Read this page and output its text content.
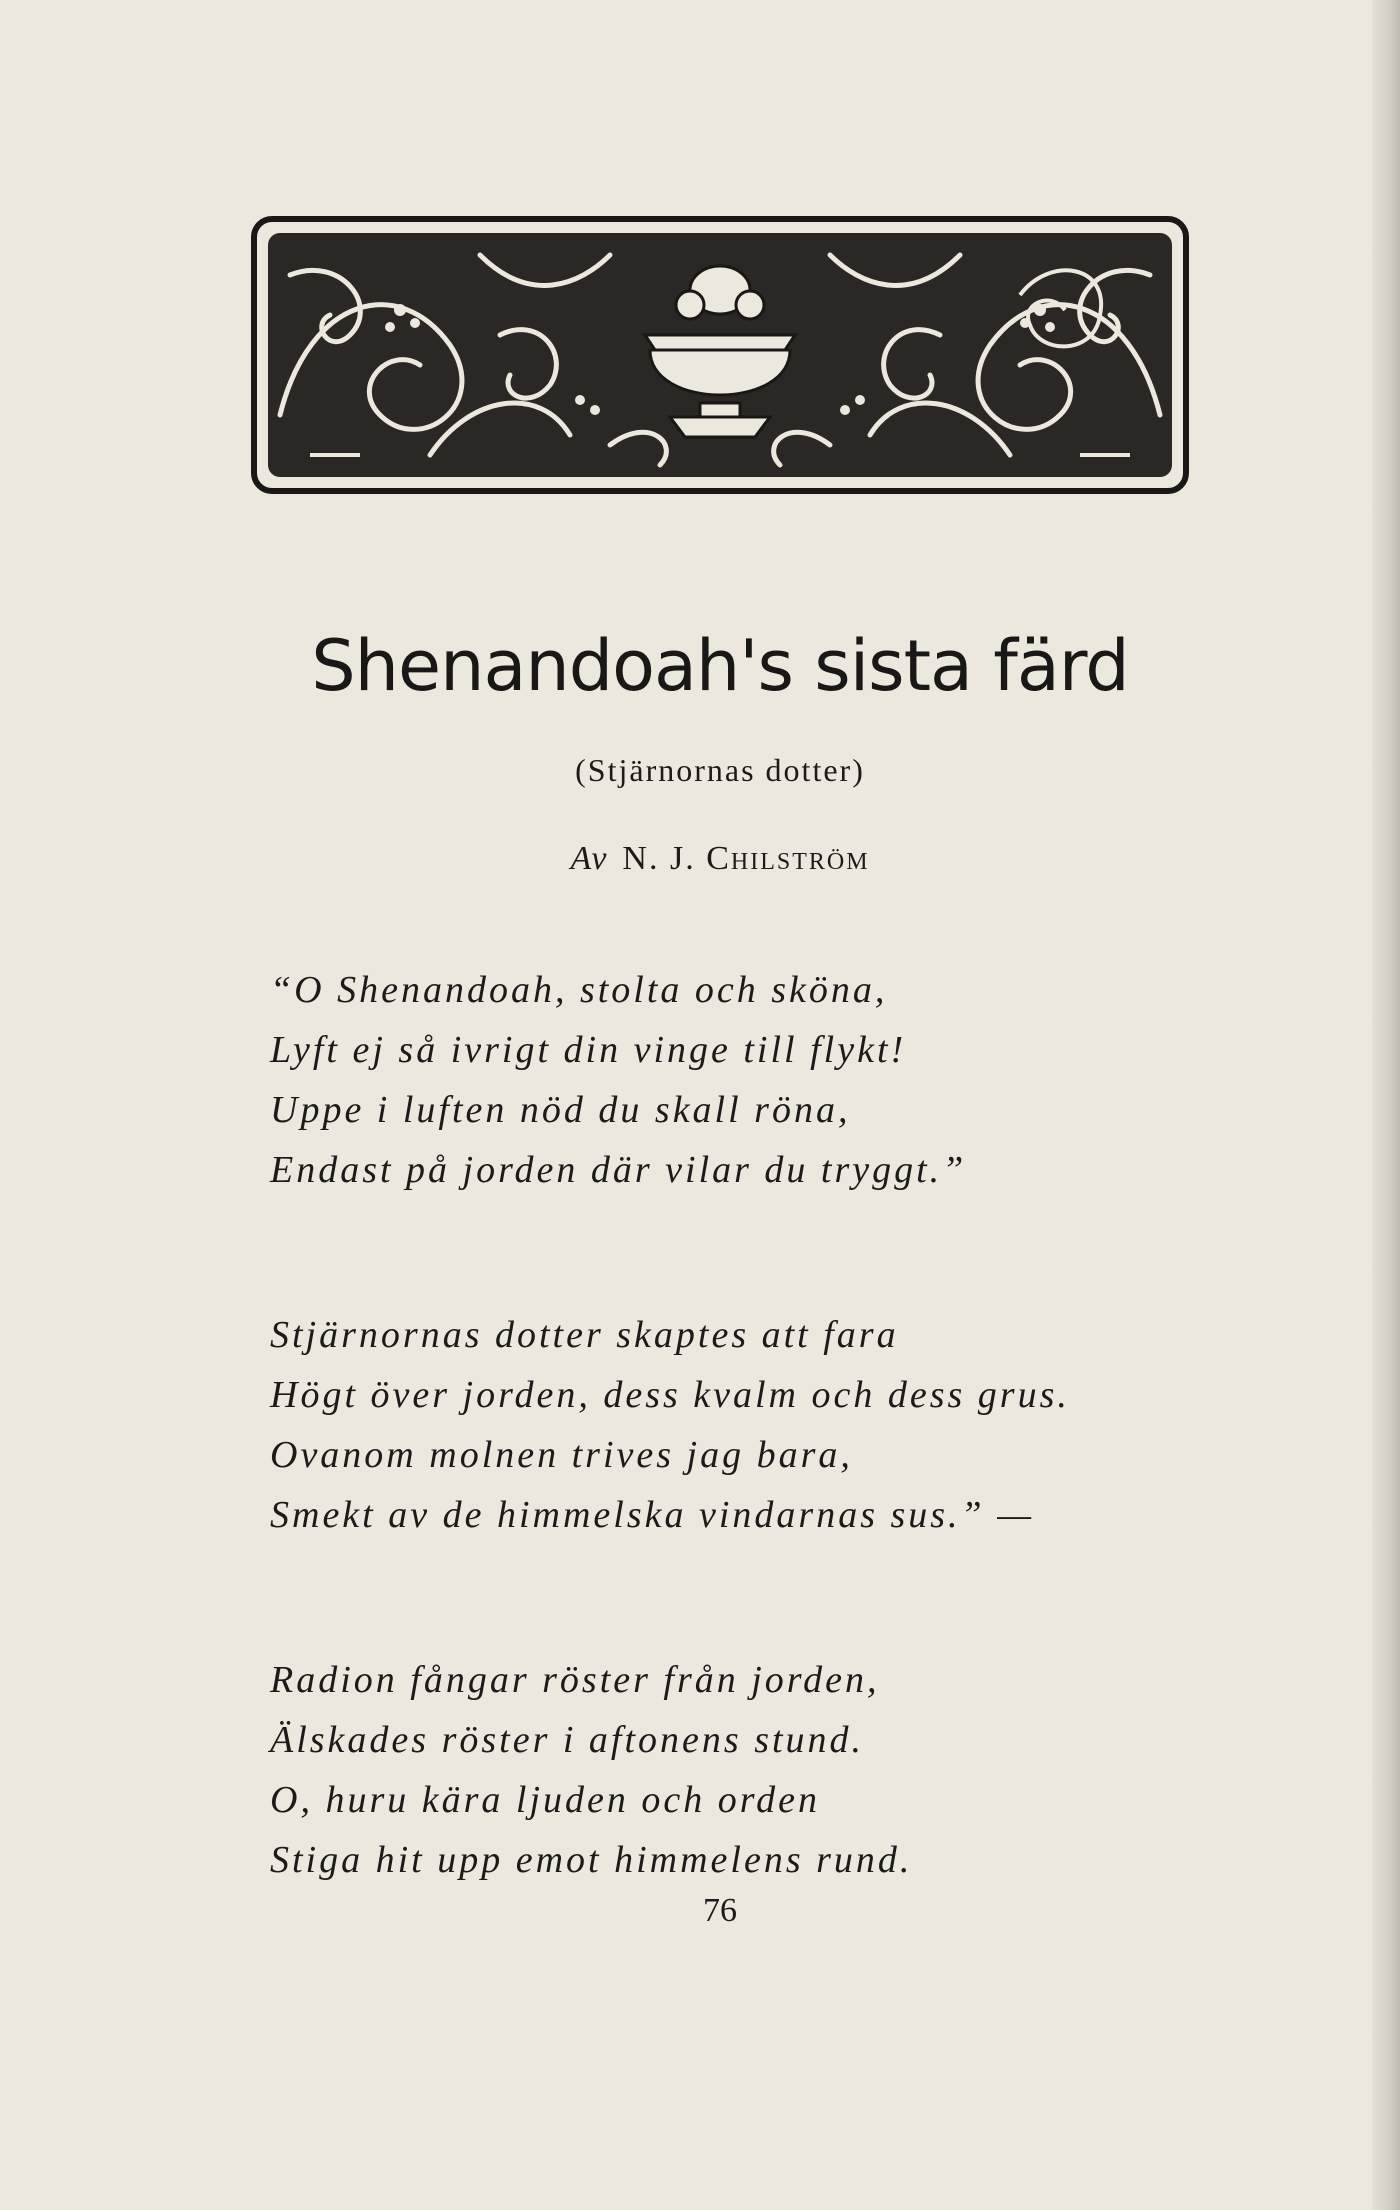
Shenandoah's sista färd
(Stjärnornas dotter)
Av N. J. Chilström
“O Shenandoah, stolta och sköna,
Lyft ej så ivrigt din vinge till flykt!
Uppe i luften nöd du skall röna,
Endast på jorden där vilar du tryggt.”
Stjärnornas dotter skaptes att fara
Högt över jorden, dess kvalm och dess grus.
Ovanom molnen trives jag bara,
Smekt av de himmelska vindarnas sus.” —
Radion fångar röster från jorden,
Älskades röster i aftonens stund.
O, huru kära ljuden och orden
Stiga hit upp emot himmelens rund.
76
